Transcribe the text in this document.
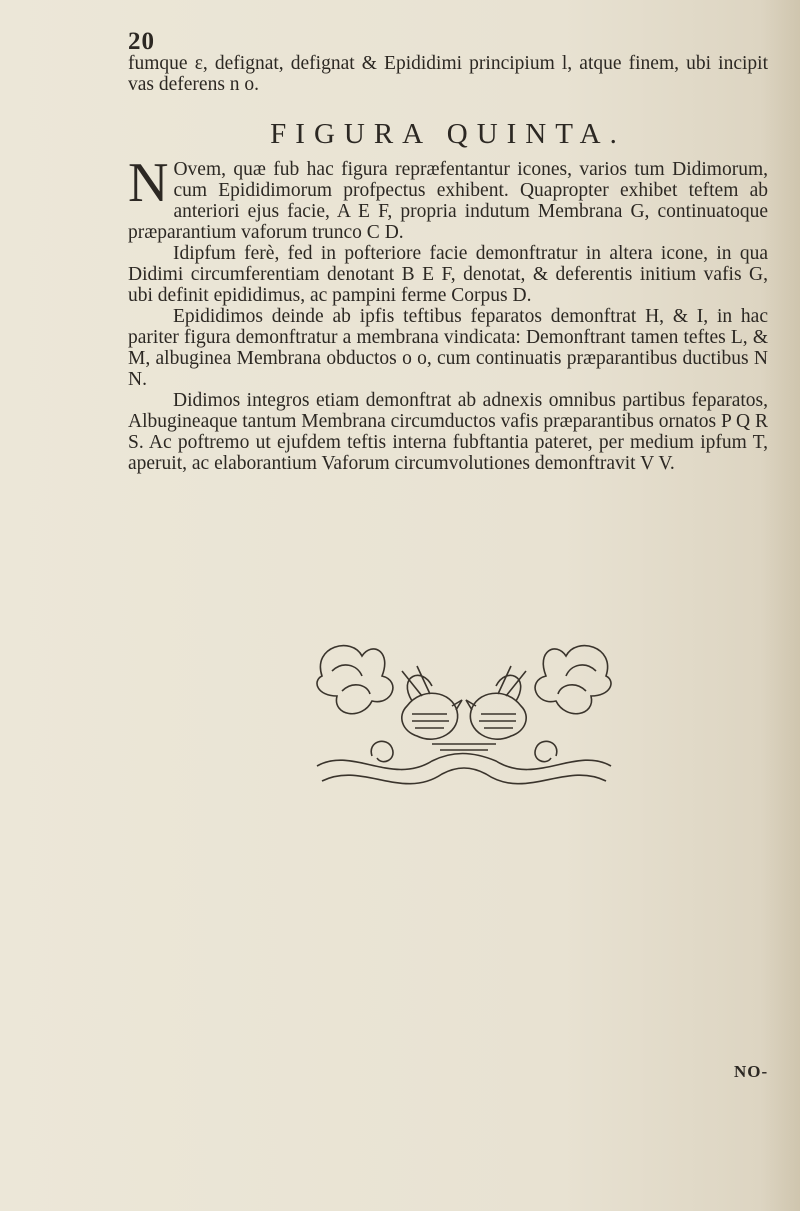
20
fumque ε, defignat, defignat & Epididimi principium l, atque finem, ubi incipit vas deferens n o.
FIGURA QUINTA.

N Ovem, quæ fub hac figura repræfentantur icones, varios tum Didimorum, cum Epididimorum profpectus exhibent. Quapropter exhibet teftem ab anteriori ejus facie, A E F, propria indutum Membrana G, continuatoque præparantium vaforum trunco C D.

Idipfum ferè, fed in pofteriore facie demonftratur in altera icone, in qua Didimi circumferentiam denotant B E F, denotat, & deferentis initium vafis G, ubi definit epididimus, ac pampini ferme Corpus D.

Epididimos deinde ab ipfis teftibus feparatos demonftrat H, & I, in hac pariter figura demonftratur a membrana vindicata: Demonftrant tamen teftes L, & M, albuginea Membrana obductos o o, cum continuatis præparantibus ductibus N N.

Didimos integros etiam demonftrat ab adnexis omnibus partibus feparatos, Albugineaque tantum Membrana circumductos vafis præparantibus ornatos P Q R S. Ac poftremo ut ejufdem teftis interna fubftantia pateret, per medium ipfum T, aperuit, ac elaborantium Vaforum circumvolutiones demonftravit V V.

NO-
